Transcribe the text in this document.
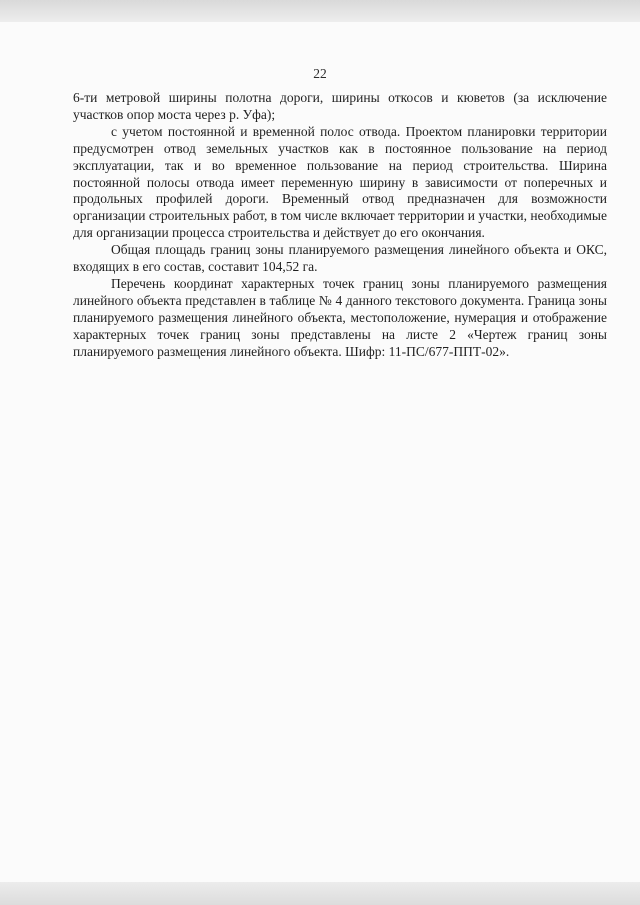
22

6-ти метровой ширины полотна дороги, ширины откосов и кюветов (за исключение участков опор моста через р. Уфа);

с учетом постоянной и временной полос отвода. Проектом планировки территории предусмотрен отвод земельных участков как в постоянное пользование на период эксплуатации, так и во временное пользование на период строительства. Ширина постоянной полосы отвода имеет переменную ширину в зависимости от поперечных и продольных профилей дороги. Временный отвод предназначен для возможности организации строительных работ, в том числе включает территории и участки, необходимые для организации процесса строительства и действует до его окончания.

Общая площадь границ зоны планируемого размещения линейного объекта и ОКС, входящих в его состав, составит 104,52 га.

Перечень координат характерных точек границ зоны планируемого размещения линейного объекта представлен в таблице № 4 данного текстового документа. Граница зоны планируемого размещения линейного объекта, местоположение, нумерация и отображение характерных точек границ зоны представлены на листе 2 «Чертеж границ зоны планируемого размещения линейного объекта. Шифр: 11-ПС/677-ППТ-02».
